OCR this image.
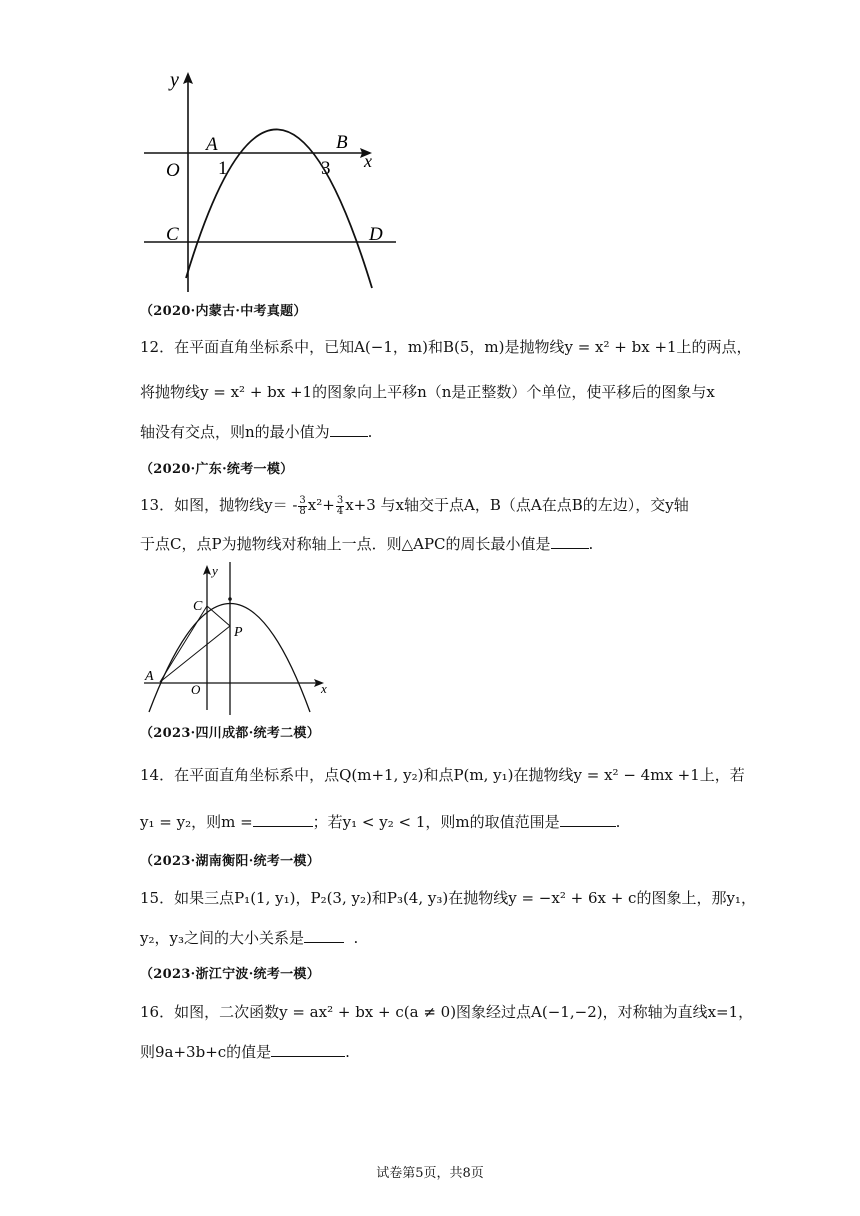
y
x
O
A
1
B
3
C	D
（2020·内蒙古·中考真题）
12．在平面直角坐标系中，已知A(−1，m)和B(5，m)是抛物线y = x² + bx +1上的两点，
将抛物线y = x² + bx +1的图象向上平移n（n是正整数）个单位，使平移后的图象与x
轴没有交点，则n的最小值为	.
（2020·广东·统考一模）
13．如图，抛物线$y= - \frac{3}{8} x^2+ \frac{3}{4} x+3$ 与x轴交于点A，B（点A在点B的左边），交y轴
于点C，点P为抛物线对称轴上一点．则△APC的周长最小值是	.
y
x
C
P
A
O
（2023·四川成都·统考二模）
14．在平面直角坐标系中，点Q(m+1, y₂)和点P(m, y₁)在抛物线y = x² − 4mx +1上，若
y₁ = y₂，则m =	；若y₁ < y₂ < 1，则m的取值范围是	.
（2023·湖南衡阳·统考一模）
15．如果三点P₁(1, y₁)，P₂(3, y₂)和P₃(4, y₃)在抛物线y = −x² + 6x + c的图象上，那y₁，
y₂，y₃之间的大小关系是	.
（2023·浙江宁波·统考一模）
16．如图，二次函数y = ax² + bx + c(a ≠ 0)图象经过点A(−1,−2)，对称轴为直线x=1，
则9a+3b+c的值是	.
试卷第5页，共8页
